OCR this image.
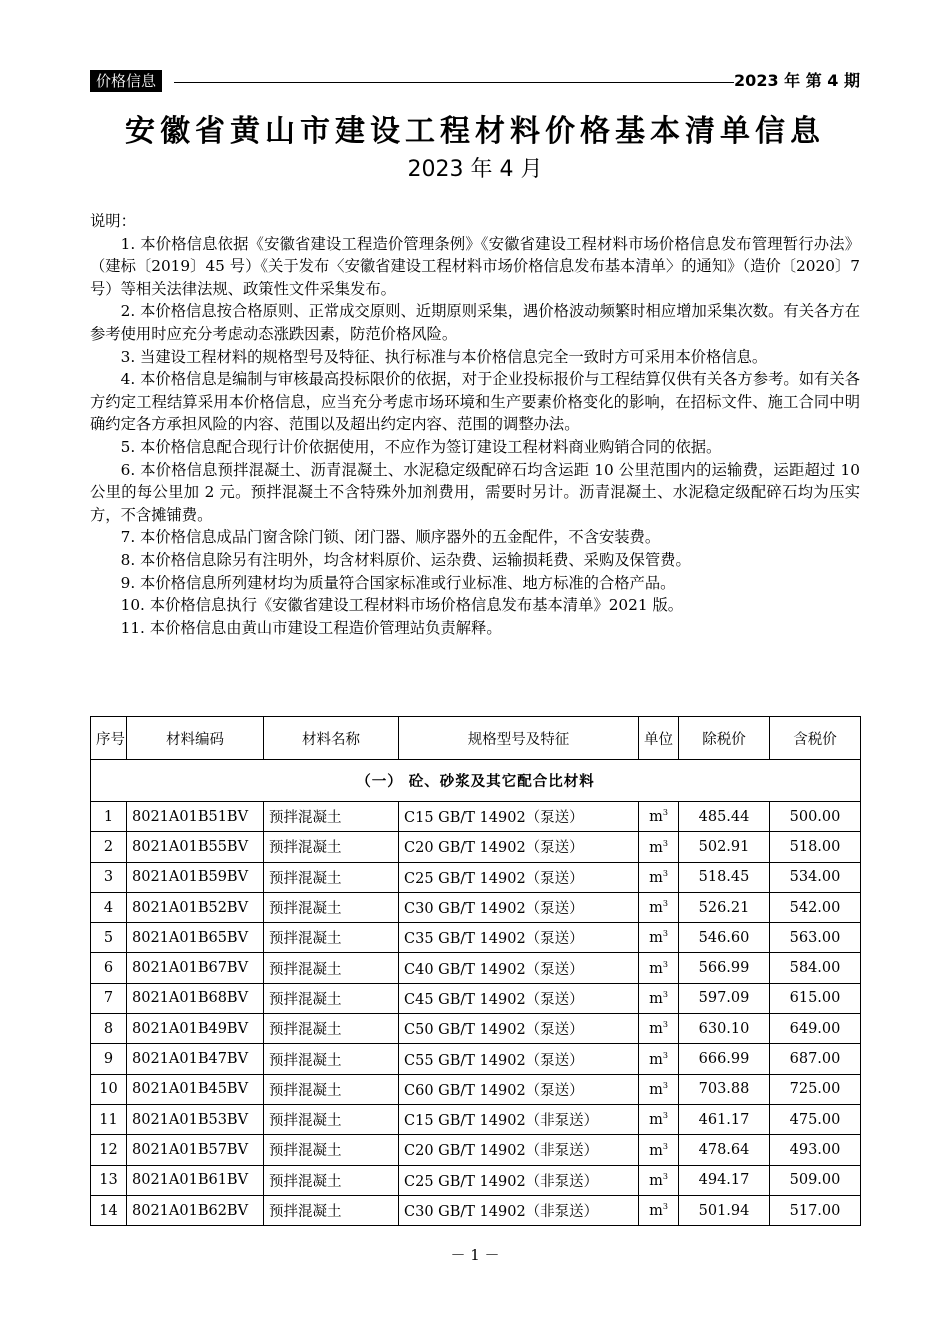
价格信息	2023 年 第 4 期
安徽省黄山市建设工程材料价格基本清单信息
2023 年 4 月

说明：

1. 本价格信息依据《安徽省建设工程造价管理条例》《安徽省建设工程材料市场价格信息发布管理暂行办法》（建标〔2019〕45 号）《关于发布〈安徽省建设工程材料市场价格信息发布基本清单〉的通知》（造价〔2020〕7 号）等相关法律法规、政策性文件采集发布。

2. 本价格信息按合格原则、正常成交原则、近期原则采集，遇价格波动频繁时相应增加采集次数。有关各方在参考使用时应充分考虑动态涨跌因素，防范价格风险。

3. 当建设工程材料的规格型号及特征、执行标准与本价格信息完全一致时方可采用本价格信息。

4. 本价格信息是编制与审核最高投标限价的依据，对于企业投标报价与工程结算仅供有关各方参考。如有关各方约定工程结算采用本价格信息，应当充分考虑市场环境和生产要素价格变化的影响，在招标文件、施工合同中明确约定各方承担风险的内容、范围以及超出约定内容、范围的调整办法。

5. 本价格信息配合现行计价依据使用，不应作为签订建设工程材料商业购销合同的依据。

6. 本价格信息预拌混凝土、沥青混凝土、水泥稳定级配碎石均含运距 10 公里范围内的运输费，运距超过 10 公里的每公里加 2 元。预拌混凝土不含特殊外加剂费用，需要时另计。沥青混凝土、水泥稳定级配碎石均为压实方，不含摊铺费。

7. 本价格信息成品门窗含除门锁、闭门器、顺序器外的五金配件，不含安装费。

8. 本价格信息除另有注明外，均含材料原价、运杂费、运输损耗费、采购及保管费。

9. 本价格信息所列建材均为质量符合国家标准或行业标准、地方标准的合格产品。

10. 本价格信息执行《安徽省建设工程材料市场价格信息发布基本清单》2021 版。

11. 本价格信息由黄山市建设工程造价管理站负责解释。

序号	材料编码	材料名称	规格型号及特征	单位	除税价	含税价
（一） 砼、砂浆及其它配合比材料						
1	8021A01B51BV	预拌混凝土	C15 GB/T 14902（泵送）	$m^3$	485.44	500.00
2	8021A01B55BV	预拌混凝土	C20 GB/T 14902（泵送）	$m^3$	502.91	518.00
3	8021A01B59BV	预拌混凝土	C25 GB/T 14902（泵送）	$m^3$	518.45	534.00
4	8021A01B52BV	预拌混凝土	C30 GB/T 14902（泵送）	$m^3$	526.21	542.00
5	8021A01B65BV	预拌混凝土	C35 GB/T 14902（泵送）	$m^3$	546.60	563.00
6	8021A01B67BV	预拌混凝土	C40 GB/T 14902（泵送）	$m^3$	566.99	584.00
7	8021A01B68BV	预拌混凝土	C45 GB/T 14902（泵送）	$m^3$	597.09	615.00
8	8021A01B49BV	预拌混凝土	C50 GB/T 14902（泵送）	$m^3$	630.10	649.00
9	8021A01B47BV	预拌混凝土	C55 GB/T 14902（泵送）	$m^3$	666.99	687.00
10	8021A01B45BV	预拌混凝土	C60 GB/T 14902（泵送）	$m^3$	703.88	725.00
11	8021A01B53BV	预拌混凝土	C15 GB/T 14902（非泵送）	$m^3$	461.17	475.00
12	8021A01B57BV	预拌混凝土	C20 GB/T 14902（非泵送）	$m^3$	478.64	493.00
13	8021A01B61BV	预拌混凝土	C25 GB/T 14902（非泵送）	$m^3$	494.17	509.00
14	8021A01B62BV	预拌混凝土	C30 GB/T 14902（非泵送）	$m^3$	501.94	517.00
－ 1 －
